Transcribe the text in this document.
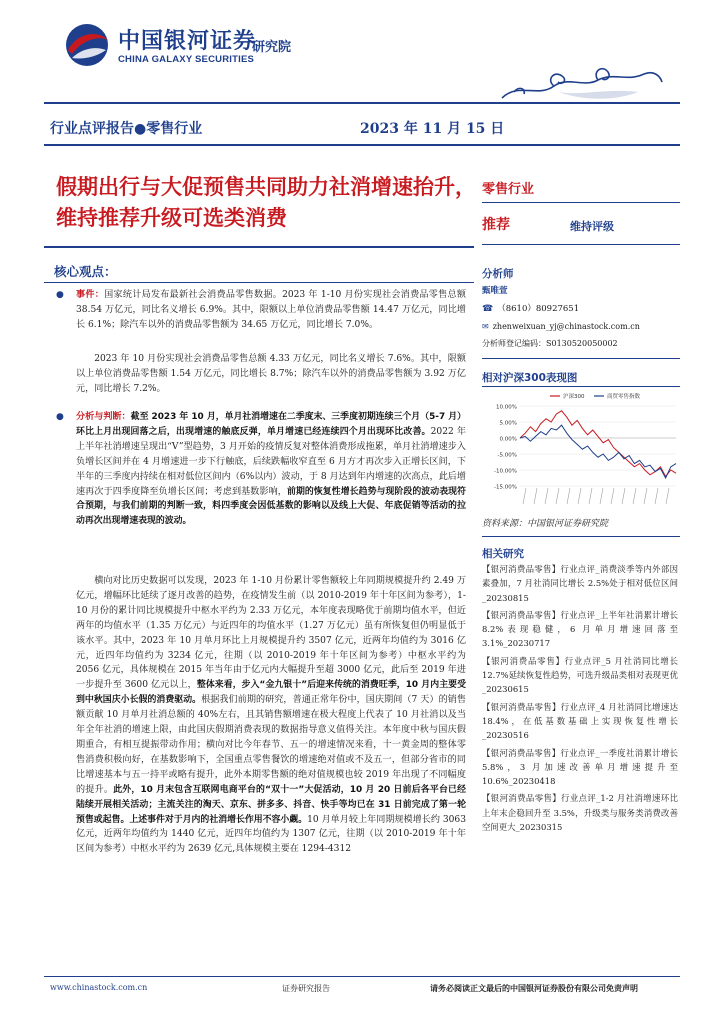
中国银河证券
CHINA GALAXY SECURITIES
研究院
行业点评报告●零售行业	2023 年 11 月 15 日
假期出行与大促预售共同助力社消增速抬升，维持推荐升级可选类消费
零售行业
推荐	维持评级
分析师
甄唯萱
☎ （8610）80927651
✉ zhenweixuan_yj@chinastock.com.cn
分析师登记编码：S0130520050002
相对沪深300表现图
10.00%
5.00%
0.00%
-5.00%
-10.00%
-15.00%
沪深300	商贸零售指数
资料来源：中国银河证券研究院
相关研究
【银河消费品零售】行业点评_消费淡季等内外部因素叠加，7 月社消同比增长 2.5%处于相对低位区间_20230815
【银河消费品零售】行业点评_上半年社消累计增长 8.2%表现稳健，6 月单月增速回落至 3.1%_20230717
【银河消费品零售】行业点评_5 月社消同比增长 12.7%延续恢复性趋势，可选升级品类相对表现更优_20230615
【银河消费品零售】行业点评_4 月社消同比增速达 18.4%，在低基数基础上实现恢复性增长_20230516
【银河消费品零售】行业点评_一季度社消累计增长 5.8%，3 月加速改善单月增速提升至 10.6%_20230418
【银河消费品零售】行业点评_1-2 月社消增速环比上年末企稳回升至 3.5%，升级类与服务类消费改善空间更大_20230315
核心观点：
● 事件：国家统计局发布最新社会消费品零售数据。2023 年 1-10 月份实现社会消费品零售总额 38.54 万亿元，同比名义增长 6.9%。其中，限额以上单位消费品零售额 14.47 万亿元，同比增长 6.1%；除汽车以外的消费品零售额为 34.65 万亿元，同比增长 7.0%。
2023 年 10 月份实现社会消费品零售总额 4.33 万亿元，同比名义增长 7.6%。其中，限额以上单位消费品零售额 1.54 万亿元，同比增长 8.7%；除汽车以外的消费品零售额为 3.92 万亿元，同比增长 7.2%。
● 分析与判断：截至 2023 年 10 月，单月社消增速在二季度末、三季度初期连续三个月（5-7 月）环比上月出现回落之后，出现增速的触底反弹，单月增速已经连续四个月出现环比改善。2022 年上半年社消增速呈现出“V”型趋势，3 月开始的疫情反复对整体消费形成拖累，单月社消增速步入负增长区间并在 4 月增速进一步下行触底，后续跌幅收窄直至 6 月方才再次步入正增长区间，下半年的三季度内持续在相对低位区间内（6%以内）波动，于 8 月达到年内增速的次高点，此后增速再次于四季度降至负增长区间；考虑到基数影响，前期的恢复性增长趋势与现阶段的波动表现符合预期，与我们前期的判断一致，料四季度会因低基数的影响以及线上大促、年底促销等活动的拉动再次出现增速表现的波动。
横向对比历史数据可以发现，2023 年 1-10 月份累计零售额较上年同期规模提升约 2.49 万亿元，增幅环比延续了逐月改善的趋势，在疫情发生前（以 2010-2019 年十年区间为参考），1-10 月份的累计同比规模提升中枢水平约为 2.33 万亿元，本年度表现略优于前期均值水平，但近两年的均值水平（1.35 万亿元）与近四年的均值水平（1.27 万亿元）虽有所恢复但仍明显低于该水平。其中，2023 年 10 月单月环比上月规模提升约 3507 亿元，近两年均值约为 3016 亿元，近四年均值约为 3234 亿元，往期（以 2010-2019 年十年区间为参考）中枢水平约为 2056 亿元，具体规模在 2015 年当年由于亿元内大幅提升至超 3000 亿元，此后至 2019 年进一步提升至 3600 亿元以上，整体来看，步入“金九银十”后迎来传统的消费旺季，10 月内主要受到中秋国庆小长假的消费驱动。根据我们前期的研究，普通正常年份中，国庆期间（7 天）的销售额贡献 10 月单月社消总额的 40%左右，且其销售额增速在极大程度上代表了 10 月社消以及当年全年社消的增速上限，由此国庆假期消费表现的数据指导意义值得关注。本年度中秋与国庆假期重合，有相互提振带动作用；横向对比今年春节、五一的增速情况来看，十一黄金周的整体零售消费积极向好，在基数影响下，全国重点零售餐饮的增速绝对值或不及五一，但部分省市的同比增速基本与五一持平或略有提升，此外本期零售额的绝对值规模也较 2019 年出现了不同幅度的提升。此外，10 月末包含互联网电商平台的“双十一”大促活动，10 月 20 日前后各平台已经陆续开展相关活动；主流关注的淘天、京东、拼多多、抖音、快手等均已在 31 日前完成了第一轮预售或起售。上述事件对于月内的社消增长作用不容小觑。10 月单月较上年同期规模增长约 3063 亿元，近两年均值约为 1440 亿元，近四年均值约为 1307 亿元，往期（以 2010-2019 年十年区间为参考）中枢水平约为 2639 亿元,具体规模主要在 1294-4312
www.chinastock.com.cn	证券研究报告	请务必阅读正文最后的中国银河证券股份有限公司免责声明
